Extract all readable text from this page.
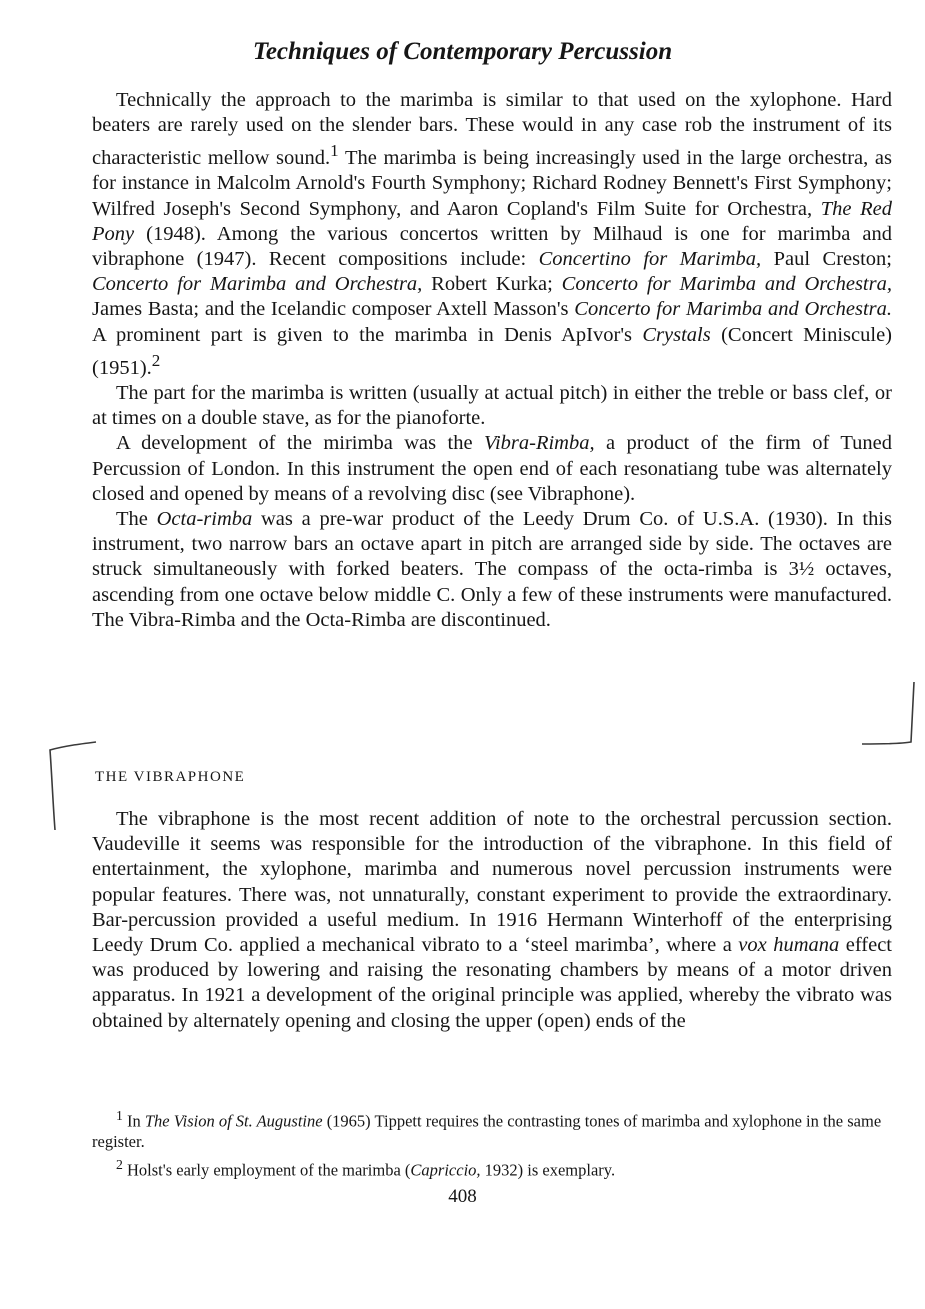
Techniques of Contemporary Percussion

Technically the approach to the marimba is similar to that used on the xylophone. Hard beaters are rarely used on the slender bars. These would in any case rob the instrument of its characteristic mellow sound.$^1$ The marimba is being increasingly used in the large orchestra, as for instance in Malcolm Arnold's Fourth Symphony; Richard Rodney Bennett's First Symphony; Wilfred Joseph's Second Symphony, and Aaron Copland's Film Suite for Orchestra, The Red Pony (1948). Among the various concertos written by Milhaud is one for marimba and vibraphone (1947). Recent compositions include: Concertino for Marimba, Paul Creston; Concerto for Marimba and Orchestra, Robert Kurka; Concerto for Marimba and Orchestra, James Basta; and the Icelandic composer Axtell Masson's Concerto for Marimba and Orchestra. A prominent part is given to the marimba in Denis ApIvor's Crystals (Concert Miniscule) (1951).$^2$

The part for the marimba is written (usually at actual pitch) in either the treble or bass clef, or at times on a double stave, as for the pianoforte.

A development of the mirimba was the Vibra-Rimba, a product of the firm of Tuned Percussion of London. In this instrument the open end of each resonatiang tube was alternately closed and opened by means of a revolving disc (see Vibraphone).

The Octa-rimba was a pre-war product of the Leedy Drum Co. of U.S.A. (1930). In this instrument, two narrow bars an octave apart in pitch are arranged side by side. The octaves are struck simultaneously with forked beaters. The compass of the octa-rimba is 3½ octaves, ascending from one octave below middle C. Only a few of these instruments were manufactured. The Vibra-Rimba and the Octa-Rimba are discontinued.

THE VIBRAPHONE

The vibraphone is the most recent addition of note to the orchestral percussion section. Vaudeville it seems was responsible for the introduction of the vibraphone. In this field of entertainment, the xylophone, marimba and numerous novel percussion instruments were popular features. There was, not unnaturally, constant experiment to provide the extraordinary. Bar-percussion provided a useful medium. In 1916 Hermann Winterhoff of the enterprising Leedy Drum Co. applied a mechanical vibrato to a ‘steel marimba’, where a vox humana effect was produced by lowering and raising the resonating chambers by means of a motor driven apparatus. In 1921 a development of the original principle was applied, whereby the vibrato was obtained by alternately opening and closing the upper (open) ends of the

$^1$ In The Vision of St. Augustine (1965) Tippett requires the contrasting tones of marimba and xylophone in the same register.

$^2$ Holst's early employment of the marimba (Capriccio, 1932) is exemplary.

408
